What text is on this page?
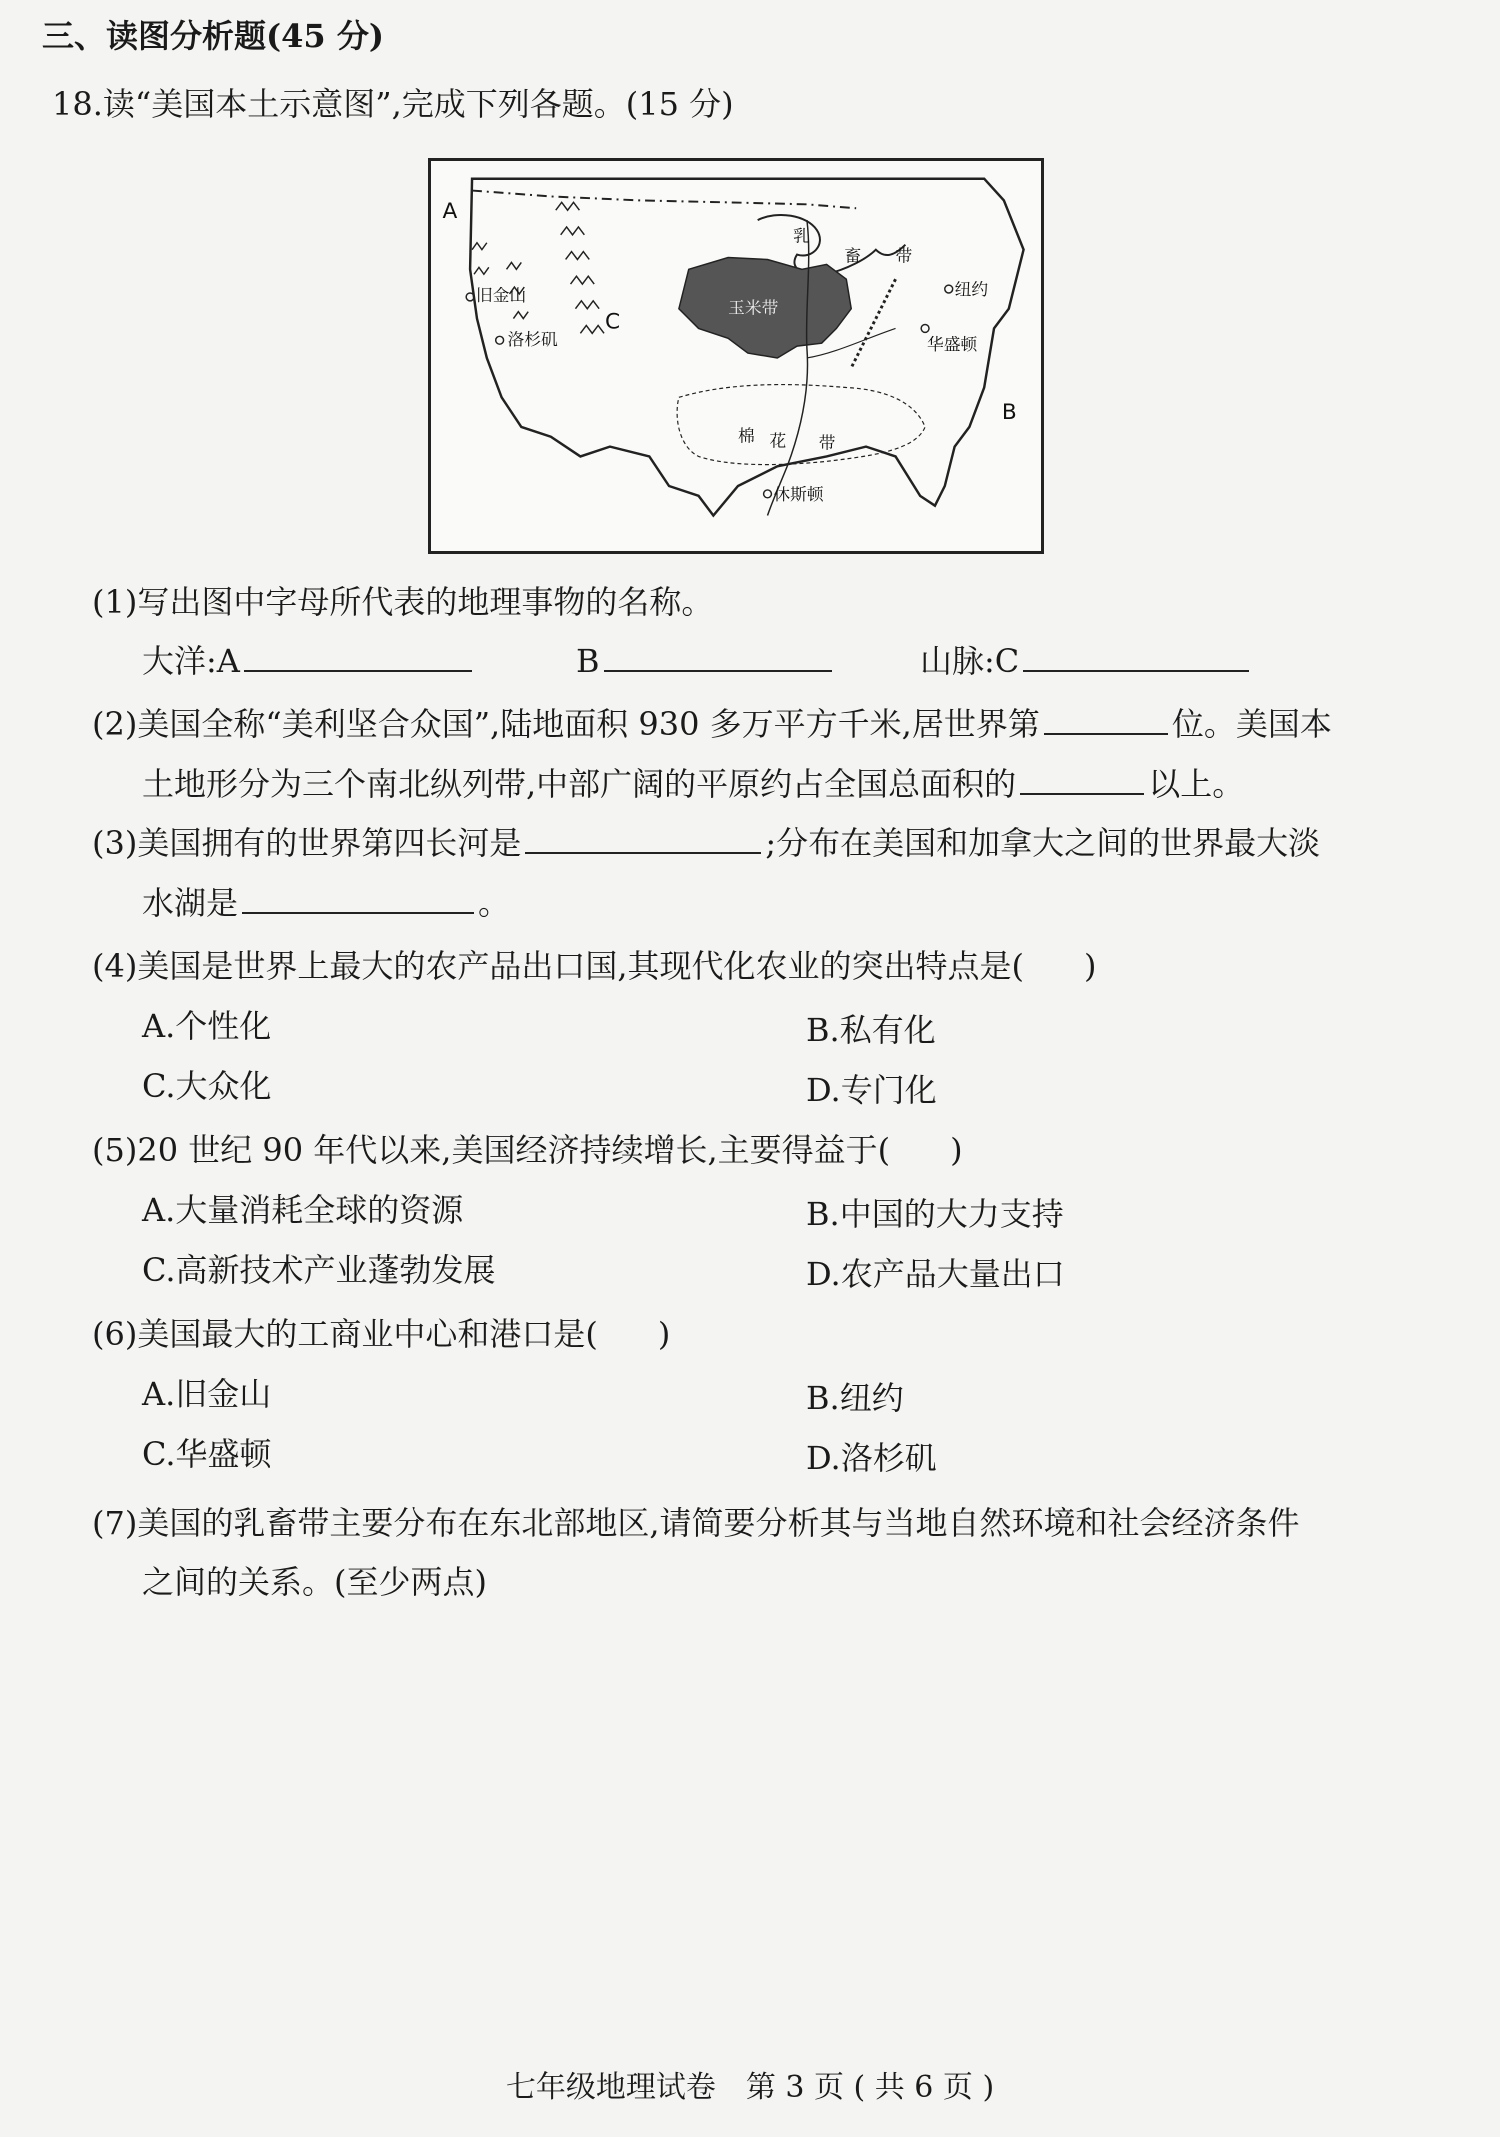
三、读图分析题(45 分)
18.读“美国本土示意图”,完成下列各题。(15 分)
A
B
C
玉米带
棉 花 带
乳
畜 带
旧金山
洛杉矶
纽约
华盛顿
休斯顿
(1)写出图中字母所代表的地理事物的名称。
大洋:A	B	山脉:C
(2)美国全称“美利坚合众国”,陆地面积 930 多万平方千米,居世界第	位。美国本
土地形分为三个南北纵列带,中部广阔的平原约占全国总面积的	以上。
(3)美国拥有的世界第四长河是	;分布在美国和加拿大之间的世界最大淡
水湖是	。
(4)美国是世界上最大的农产品出口国,其现代化农业的突出特点是( )
A.个性化	B.私有化
C.大众化	D.专门化
(5)20 世纪 90 年代以来,美国经济持续增长,主要得益于( )
A.大量消耗全球的资源	B.中国的大力支持
C.高新技术产业蓬勃发展	D.农产品大量出口
(6)美国最大的工商业中心和港口是( )
A.旧金山	B.纽约
C.华盛顿	D.洛杉矶
(7)美国的乳畜带主要分布在东北部地区,请简要分析其与当地自然环境和社会经济条件
之间的关系。(至少两点)
七年级地理试卷　第 3 页 ( 共 6 页 )
